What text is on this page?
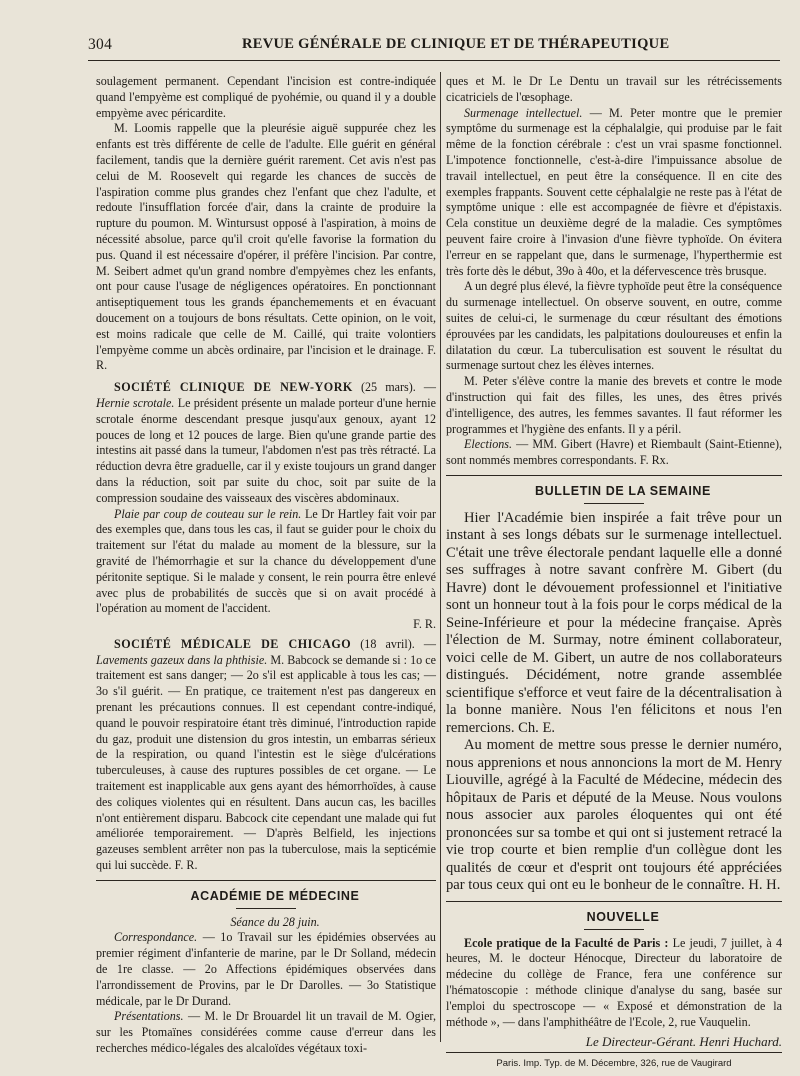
304	REVUE GÉNÉRALE DE CLINIQUE ET DE THÉRAPEUTIQUE

soulagement permanent. Cependant l'incision est contre-indiquée quand l'empyème est compliqué de pyohémie, ou quand il y a double empyème avec péricardite.

M. Loomis rappelle que la pleurésie aiguë suppurée chez les enfants est très différente de celle de l'adulte. Elle guérit en général facilement, tandis que la dernière guérit rarement. Cet avis n'est pas celui de M. Roosevelt qui regarde les chances de succès de l'aspiration comme plus grandes chez l'enfant que chez l'adulte, et redoute l'insufflation forcée d'air, dans la crainte de produire la rupture du poumon. M. Wintursust opposé à l'aspiration, à moins de nécessité absolue, parce qu'il croit qu'elle favorise la formation du pus. Quand il est nécessaire d'opérer, il préfère l'incision. Par contre, M. Seibert admet qu'un grand nombre d'empyèmes chez les enfants, ont pour cause l'usage de négligences opératoires. En ponctionnant antiseptiquement tous les grands épanchemements et en évacuant doucement on a toujours de bons résultats. Cette opinion, on le voit, est moins radicale que celle de M. Caillé, qui traite volontiers l'empyème comme un abcès ordinaire, par l'incision et le drainage. F. R.

SOCIÉTÉ CLINIQUE DE NEW-YORK (25 mars). — Hernie scrotale. Le président présente un malade porteur d'une hernie scrotale énorme descendant presque jusqu'aux genoux, ayant 12 pouces de long et 12 pouces de large. Bien qu'une grande partie des intestins ait passé dans la tumeur, l'abdomen n'est pas très rétracté. La réduction devra être graduelle, car il y existe toujours un grand danger dans la réduction, soit par suite du choc, soit par suite de la compression soudaine des vaisseaux des viscères abdominaux.

Plaie par coup de couteau sur le rein. Le Dr Hartley fait voir par des exemples que, dans tous les cas, il faut se guider pour le choix du traitement sur l'état du malade au moment de la blessure, sur la gravité de l'hémorrhagie et sur la chance du développement d'une péritonite septique. Si le malade y consent, le rein pourra être enlevé avec plus de probabilités de succès que si on avait procédé à l'opération au moment de l'accident.

F. R.

SOCIÉTÉ MÉDICALE DE CHICAGO (18 avril). — Lavements gazeux dans la phthisie. M. Babcock se demande si : 1o ce traitement est sans danger; — 2o s'il est applicable à tous les cas; — 3o s'il guérit. — En pratique, ce traitement n'est pas dangereux en prenant les précautions connues. Il est cependant contre-indiqué, quand le pouvoir respiratoire étant très diminué, l'introduction rapide du gaz, produit une distension du gros intestin, un embarras sérieux de la respiration, ou quand l'intestin est le siège d'ulcérations tuberculeuses, à cause des ruptures possibles de cet organe. — Le traitement est inapplicable aux gens ayant des hémorrhoïdes, à cause des coliques violentes qui en résultent. Dans aucun cas, les bacilles n'ont entièrement disparu. Babcock cite cependant une malade qui fut améliorée temporairement. — D'après Belfield, les injections gazeuses semblent arrêter non pas la tuberculose, mais la septicémie qui lui succède. F. R.

ACADÉMIE DE MÉDECINE

Séance du 28 juin.

Correspondance. — 1o Travail sur les épidémies observées au premier régiment d'infanterie de marine, par le Dr Solland, médecin de 1re classe. — 2o Affections épidémiques observées dans l'arrondissement de Provins, par le Dr Darolles. — 3o Statistique médicale, par le Dr Durand.

Présentations. — M. le Dr Brouardel lit un travail de M. Ogier, sur les Ptomaïnes considérées comme cause d'erreur dans les recherches médico-légales des alcaloïdes végétaux toxi-

ques et M. le Dr Le Dentu un travail sur les rétrécissements cicatriciels de l'œsophage.

Surmenage intellectuel. — M. Peter montre que le premier symptôme du surmenage est la céphalalgie, qui produise par le fait même de la fonction cérébrale : c'est un vrai spasme fonctionnel. L'impotence fonctionnelle, c'est-à-dire l'impuissance absolue de travail intellectuel, en peut être la conséquence. Il en cite des exemples frappants. Souvent cette céphalalgie ne reste pas à l'état de symptôme unique : elle est accompagnée de fièvre et d'épistaxis. Cela constitue un deuxième degré de la maladie. Ces symptômes peuvent faire croire à l'invasion d'une fièvre typhoïde. On évitera l'erreur en se rappelant que, dans le surmenage, l'hyperthermie est très forte dès le début, 39o à 40o, et la défervescence très brusque.

A un degré plus élevé, la fièvre typhoïde peut être la conséquence du surmenage intellectuel. On observe souvent, en outre, comme suites de celui-ci, le surmenage du cœur résultant des émotions éprouvées par les candidats, les palpitations douloureuses et enfin la dilatation du cœur. La tuberculisation est souvent le résultat du surmenage surtout chez les élèves internes.

M. Peter s'élève contre la manie des brevets et contre le mode d'instruction qui fait des filles, les unes, des êtres privés d'intelligence, des autres, les femmes savantes. Il faut réformer les programmes et l'hygiène des enfants. Il y a péril.

Elections. — MM. Gibert (Havre) et Riembault (Saint-Etienne), sont nommés membres correspondants. F. Rx.

BULLETIN DE LA SEMAINE

Hier l'Académie bien inspirée a fait trêve pour un instant à ses longs débats sur le surmenage intellectuel. C'était une trêve électorale pendant laquelle elle a donné ses suffrages à notre savant confrère M. Gibert (du Havre) dont le dévouement professionnel et l'initiative sont un honneur tout à la fois pour le corps médical de la Seine-Inférieure et pour la médecine française. Après l'élection de M. Surmay, notre éminent collaborateur, voici celle de M. Gibert, un autre de nos collaborateurs distingués. Décidément, notre grande assemblée scientifique s'efforce et veut faire de la décentralisation à la bonne manière. Nous l'en félicitons et nous l'en remercions. Ch. E.

Au moment de mettre sous presse le dernier numéro, nous apprenions et nous annoncions la mort de M. Henry Liouville, agrégé à la Faculté de Médecine, médecin des hôpitaux de Paris et député de la Meuse. Nous voulons nous associer aux paroles éloquentes qui ont été prononcées sur sa tombe et qui ont si justement retracé la vie trop courte et bien remplie d'un collègue dont les qualités de cœur et d'esprit ont toujours été appréciées par tous ceux qui ont eu le bonheur de le connaître. H. H.

NOUVELLE

Ecole pratique de la Faculté de Paris : Le jeudi, 7 juillet, à 4 heures, M. le docteur Hénocque, Directeur du laboratoire de médecine du collège de France, fera une conférence sur l'hématoscopie : méthode clinique d'analyse du sang, basée sur l'emploi du spectroscope — « Exposé et démonstration de la méthode », — dans l'amphithéâtre de l'Ecole, 2, rue Vauquelin.

Le Directeur-Gérant. Henri Huchard.
Paris. Imp. Typ. de M. Décembre, 326, rue de Vaugirard
